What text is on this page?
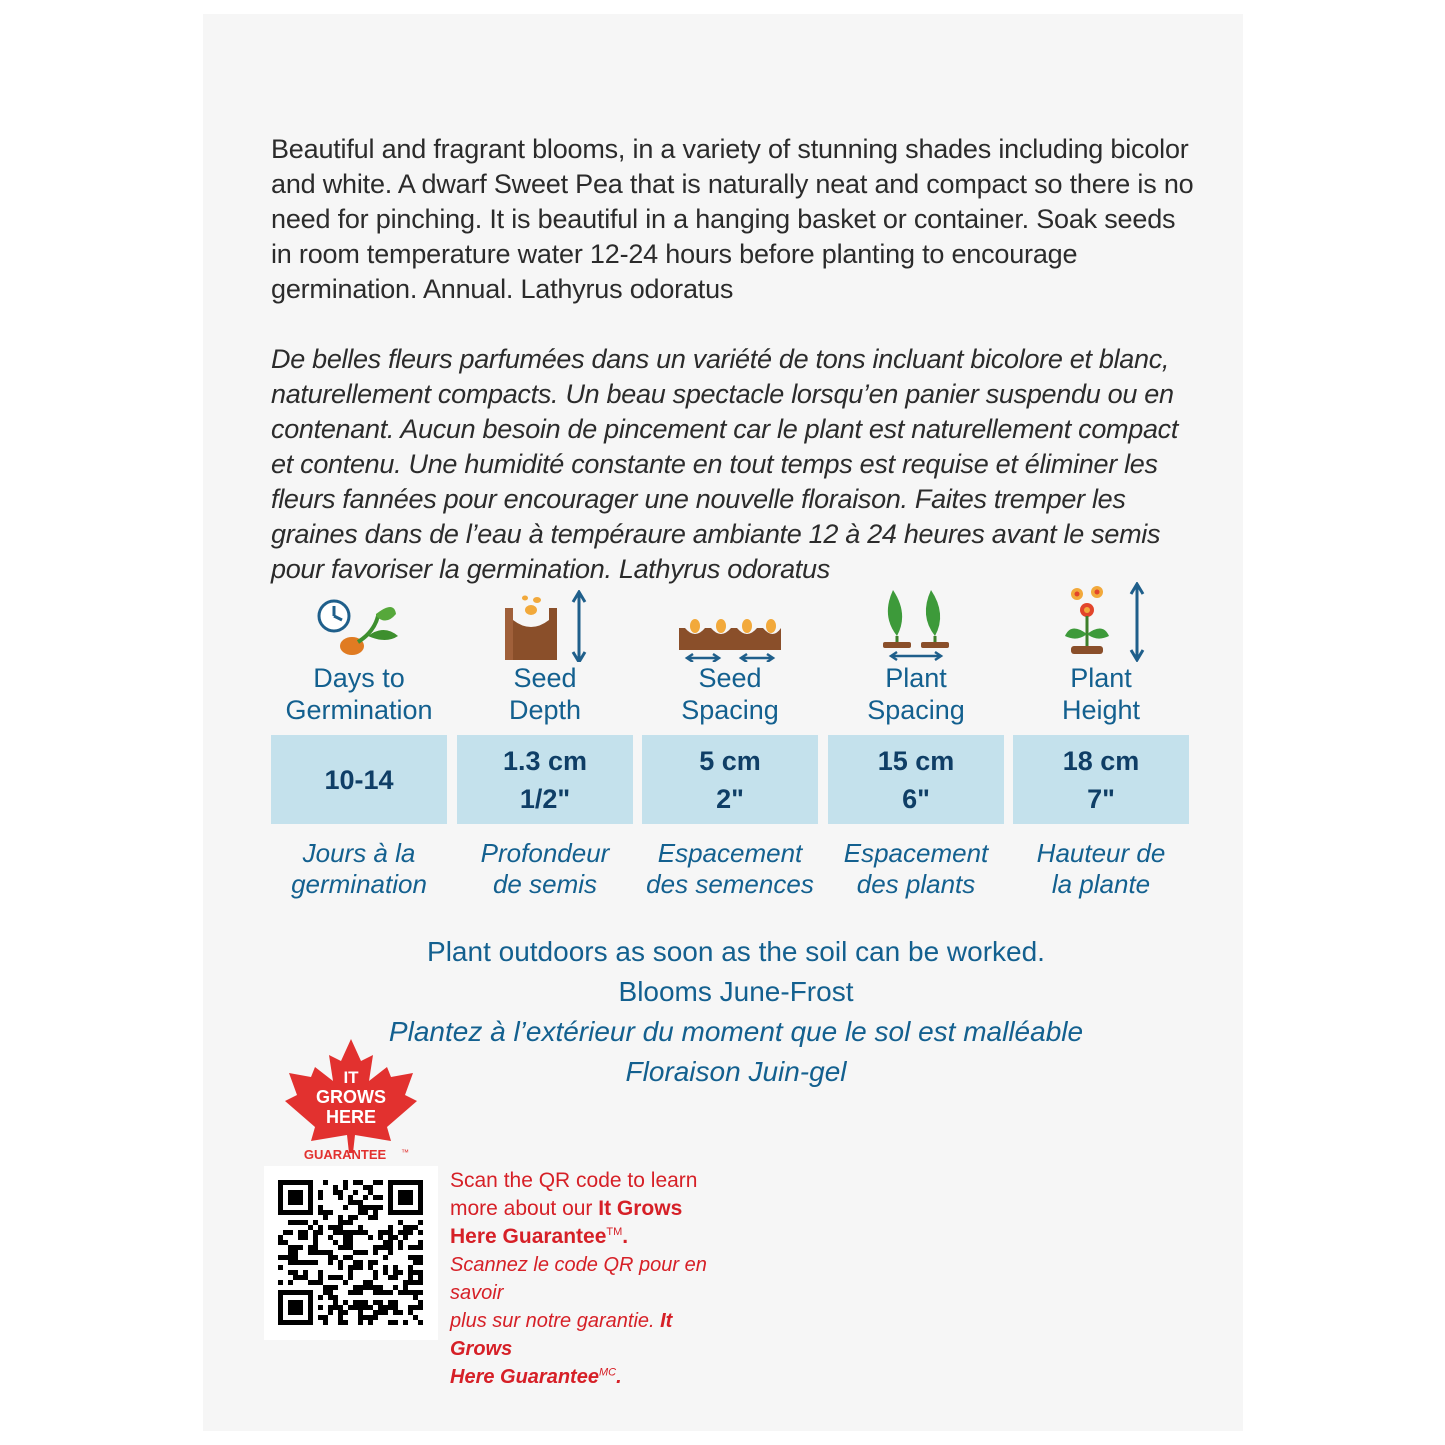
Beautiful and fragrant blooms, in a variety of stunning shades including bicolor and white. A dwarf Sweet Pea that is naturally neat and compact so there is no need for pinching. It is beautiful in a hanging basket or container. Soak seeds in room temperature water 12-24 hours before planting to encourage germination. Annual. Lathyrus odoratus

De belles fleurs parfumées dans un variété de tons incluant bicolore et blanc, naturellement compacts. Un beau spectacle lorsqu’en panier suspendu ou en contenant. Aucun besoin de pincement car le plant est naturellement compact et contenu. Une humidité constante en tout temps est requise et éliminer les fleurs fannées pour encourager une nouvelle floraison. Faites tremper les graines dans de l’eau à tempéraure ambiante 12 à 24 heures avant le semis pour favoriser la germination. Lathyrus odoratus

Days to
Germination
Seed
Depth
Seed
Spacing
Plant
Spacing
Plant
Height
10-14
1.3 cm
1/2"
5 cm
2"
15 cm
6"
18 cm
7"
Jours à la
germination
Profondeur
de semis
Espacement
des semences
Espacement
des plants
Hauteur de
la plante
Plant outdoors as soon as the soil can be worked.
Blooms June-Frost
Plantez à l’extérieur du moment que le sol est malléable
Floraison Juin-gel
IT
GROWS
HERE
GUARANTEE ™
Scan the QR code to learn
more about our It Grows
Here Guarantee™.
Scannez le code QR pour en savoir
plus sur notre garantie. It Grows
Here Guarantee$^{MC}$.
